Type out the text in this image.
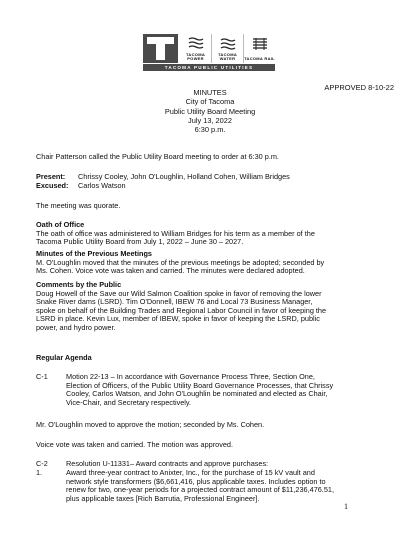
TACOMA POWER
TACOMA WATER	TACOMA RAIL
TACOMA PUBLIC UTILITIES
APPROVED 8-10-22
MINUTES
City of Tacoma
Public Utility Board Meeting
July 13, 2022
6:30 p.m.
Chair Patterson called the Public Utility Board meeting to order at 6:30 p.m.
Present: Chrissy Cooley, John O'Loughlin, Holland Cohen, William Bridges
Excused: Carlos Watson
The meeting was quorate.
Oath of Office
The oath of office was administered to William Bridges for his term as a member of the
Tacoma Public Utility Board from July 1, 2022 – June 30 – 2027.
Minutes of the Previous Meetings
M. O'Loughlin moved that the minutes of the previous meetings be adopted; seconded by
Ms. Cohen. Voice vote was taken and carried. The minutes were declared adopted.
Comments by the Public
Doug Howell of the Save our Wild Salmon Coalition spoke in favor of removing the lower
Snake River dams (LSRD). Tim O'Donnell, IBEW 76 and Local 73 Business Manager,
spoke on behalf of the Building Trades and Regional Labor Council in favor of keeping the
LSRD in place. Kevin Lux, member of IBEW, spoke in favor of keeping the LSRD, public
power, and hydro power.
Regular Agenda
C-1 Motion 22-13 – In accordance with Governance Process Three, Section One,
Election of Officers, of the Public Utility Board Governance Processes, that Chrissy
Cooley, Carlos Watson, and John O'Loughlin be nominated and elected as Chair,
Vice-Chair, and Secretary respectively.
Mr. O'Loughlin moved to approve the motion; seconded by Ms. Cohen.
Voice vote was taken and carried. The motion was approved.
C-2 Resolution U-11331– Award contracts and approve purchases:
1.	Award three-year contract to Anixter, Inc., for the purchase of 15 kV vault and
network style transformers ($6,661,416, plus applicable taxes. Includes option to
renew for two, one-year periods for a projected contract amount of $11,236,476.51,
plus applicable taxes [Rich Barrutia, Professional Engineer].
1
